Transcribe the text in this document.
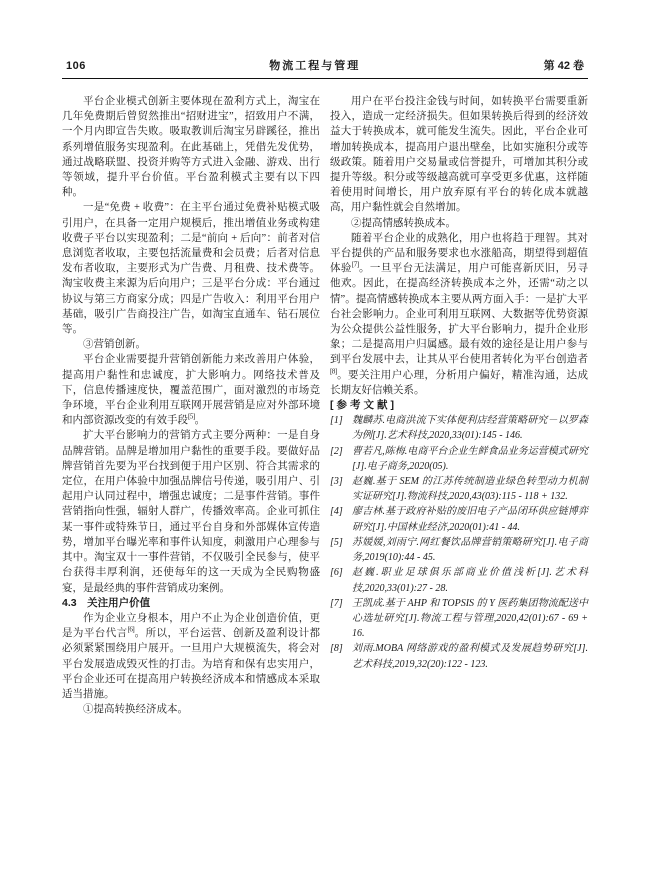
106	物流工程与管理	第 42 卷

平台企业模式创新主要体现在盈利方式上，淘宝在几年免费期后曾贸然推出“招财进宝”，招致用户不满，一个月内即宣告失败。吸取教训后淘宝另辟蹊径，推出系列增值服务实现盈利。在此基础上，凭借先发优势，通过战略联盟、投资并购等方式进入金融、游戏、出行等领域，提升平台价值。平台盈利模式主要有以下四种。

一是“免费 + 收费”：在主平台通过免费补贴模式吸引用户，在具备一定用户规模后，推出增值业务或构建收费子平台以实现盈利；二是“前向 + 后向”：前者对信息浏览者收取，主要包括流量费和会员费；后者对信息发布者收取，主要形式为广告费、月租费、技术费等。淘宝收费主来源为后向用户；三是平台分成：平台通过协议与第三方商家分成；四是广告收入：利用平台用户基础，吸引广告商投注广告，如淘宝直通车、钻石展位等。

③营销创新。

平台企业需要提升营销创新能力来改善用户体验，提高用户黏性和忠诚度，扩大影响力。网络技术普及下，信息传播速度快，覆盖范围广，面对激烈的市场竞争环境，平台企业利用互联网开展营销是应对外部环境和内部资源改变的有效手段[5]。

扩大平台影响力的营销方式主要分两种：一是自身品牌营销。品牌是增加用户黏性的重要手段。要做好品牌营销首先要为平台找到便于用户区别、符合其需求的定位，在用户体验中加强品牌信号传递，吸引用户、引起用户认同过程中，增强忠诚度；二是事件营销。事件营销指向性强，辐射人群广，传播效率高。企业可抓住某一事件或特殊节日，通过平台自身和外部媒体宣传造势，增加平台曝光率和事件认知度，刺激用户心理参与其中。淘宝双十一事件营销，不仅吸引全民参与，使平台获得丰厚利润，还使每年的这一天成为全民购物盛宴，是最经典的事件营销成功案例。

4.3　关注用户价值

作为企业立身根本，用户不止为企业创造价值，更是为平台代言[6]。所以，平台运营、创新及盈利设计都必须紧紧围绕用户展开。一旦用户大规模流失，将会对平台发展造成毁灭性的打击。为培育和保有忠实用户，平台企业还可在提高用户转换经济成本和情感成本采取适当措施。

①提高转换经济成本。

用户在平台投注金钱与时间，如转换平台需要重新投入，造成一定经济损失。但如果转换后得到的经济效益大于转换成本，就可能发生流失。因此，平台企业可增加转换成本，提高用户退出壁垒，比如实施积分或等级政策。随着用户交易量或信誉提升，可增加其积分或提升等级。积分或等级越高就可享受更多优惠，这样随着使用时间增长，用户放弃原有平台的转化成本就越高，用户黏性就会自然增加。

②提高情感转换成本。

随着平台企业的成熟化，用户也将趋于理智。其对平台提供的产品和服务要求也水涨船高，期望得到超值体验[7]。一旦平台无法满足，用户可能喜新厌旧，另寻他欢。因此，在提高经济转换成本之外，还需“动之以情”。提高情感转换成本主要从两方面入手：一是扩大平台社会影响力。企业可利用互联网、大数据等优势资源为公众提供公益性服务，扩大平台影响力，提升企业形象；二是提高用户归属感。最有效的途径是让用户参与到平台发展中去，让其从平台使用者转化为平台创造者[8]。要关注用户心理，分析用户偏好，精准沟通，达成长期友好信赖关系。

[参考文献]

[1] 魏麟苏.电商洪流下实体便利店经营策略研究－以罗森为例[J].艺术科技,2020,33(01):145 - 146.
[2] 曹若凡,陈梅.电商平台企业生鲜食品业务运营模式研究[J].电子商务,2020(05).
[3] 赵巍.基于 SEM 的江苏传统制造业绿色转型动力机制实证研究[J].物流科技,2020,43(03):115 - 118 + 132.
[4] 廖吉林.基于政府补贴的废旧电子产品闭环供应链博弈研究[J].中国林业经济,2020(01):41 - 44.
[5] 苏媛媛,刘雨宁.网红餐饮品牌营销策略研究[J].电子商务,2019(10):44 - 45.
[6] 赵巍.职业足球俱乐部商业价值浅析[J].艺术科技,2020,33(01):27 - 28.
[7] 王凯成.基于 AHP 和 TOPSIS 的 Y 医药集团物流配送中心选址研究[J].物流工程与管理,2020,42(01):67 - 69 + 16.
[8] 刘雨.MOBA 网络游戏的盈利模式及发展趋势研究[J].艺术科技,2019,32(20):122 - 123.
